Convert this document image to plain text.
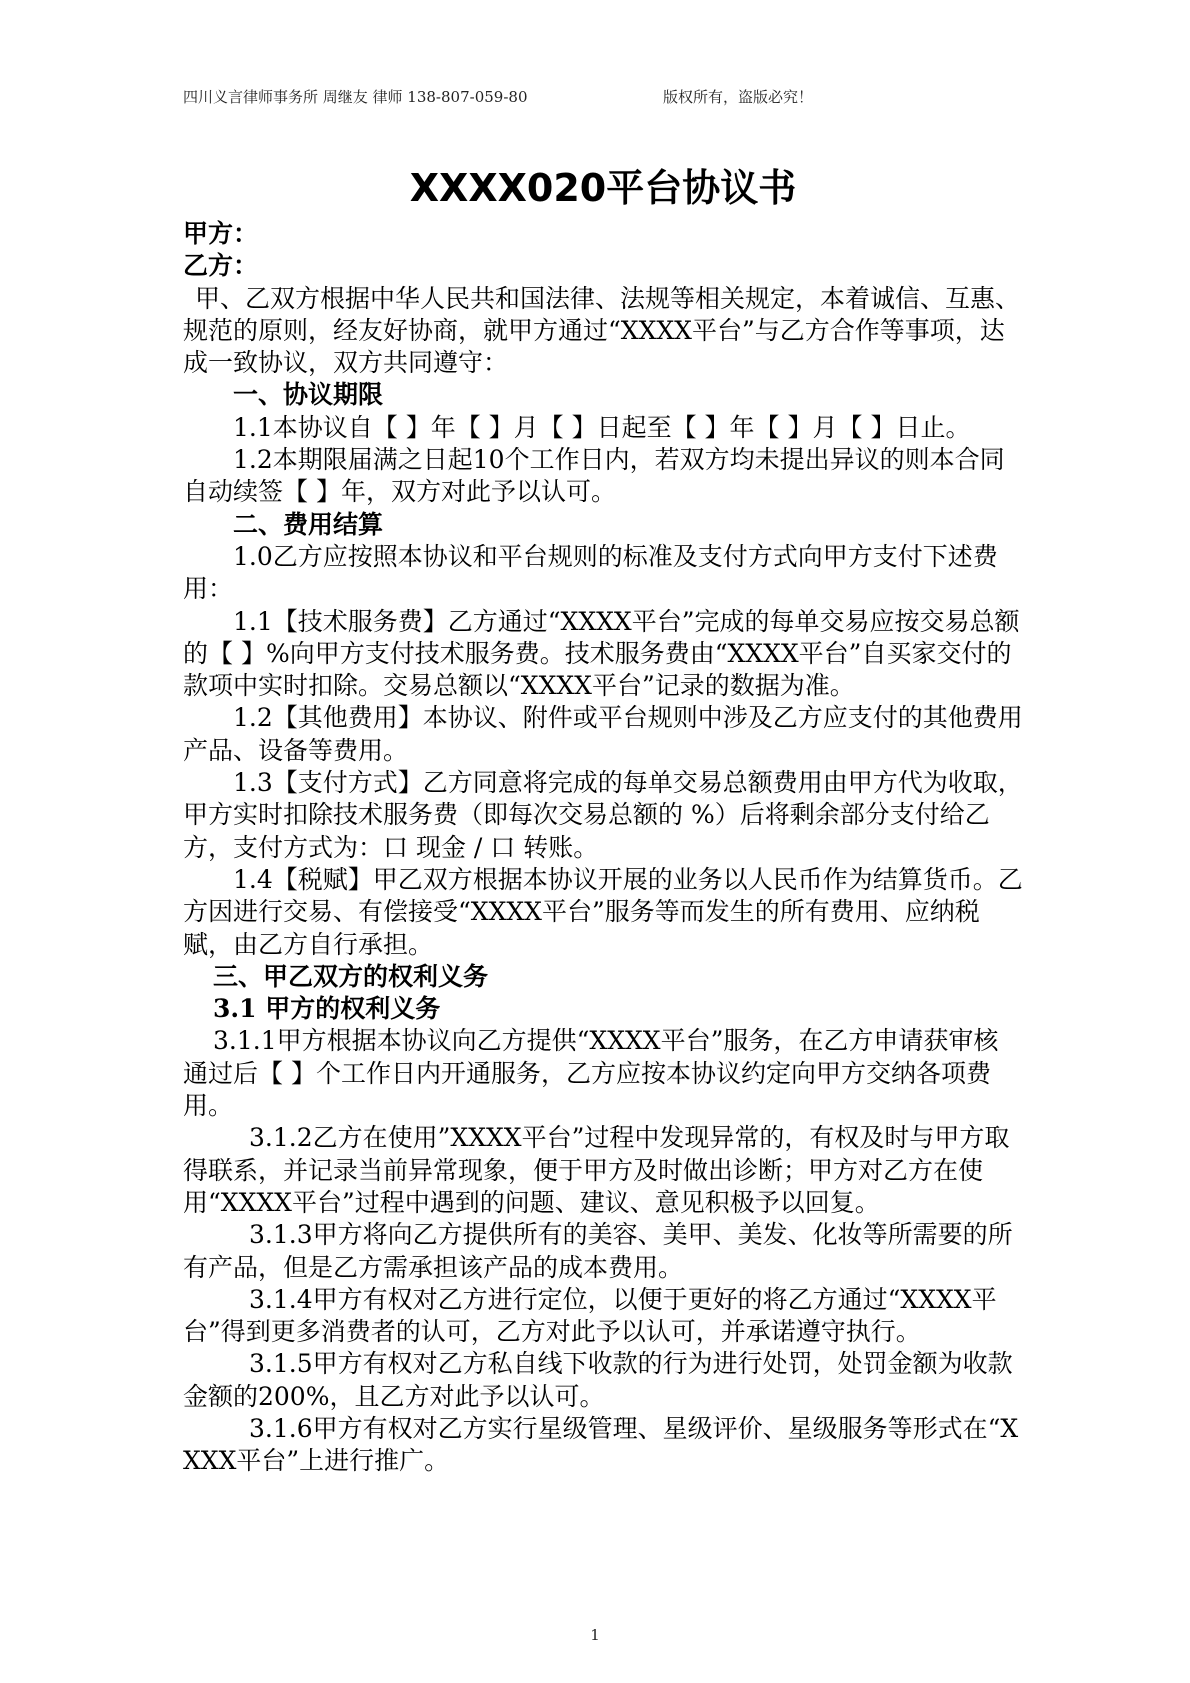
四川义言律师事务所 周继友 律师 138-807-059-80	版权所有，盗版必究！
XXXX020平台协议书

甲方：

乙方：

甲、乙双方根据中华人民共和国法律、法规等相关规定，本着诚信、互惠、规范的原则，经友好协商，就甲方通过“XXXX平台”与乙方合作等事项，达成一致协议，双方共同遵守：

一、协议期限

1.1本协议自【 】年【 】月【 】日起至【 】年【 】月【 】日止。

1.2本期限届满之日起10个工作日内，若双方均未提出异议的则本合同自动续签【 】年，双方对此予以认可。

二、费用结算

1.0乙方应按照本协议和平台规则的标准及支付方式向甲方支付下述费用：

1.1【技术服务费】乙方通过“XXXX平台”完成的每单交易应按交易总额的【 】%向甲方支付技术服务费。技术服务费由“XXXX平台”自买家交付的款项中实时扣除。交易总额以“XXXX平台”记录的数据为准。

1.2【其他费用】本协议、附件或平台规则中涉及乙方应支付的其他费用产品、设备等费用。

1.3【支付方式】乙方同意将完成的每单交易总额费用由甲方代为收取，甲方实时扣除技术服务费（即每次交易总额的 %）后将剩余部分支付给乙方，支付方式为：口 现金 / 口 转账。

1.4【税赋】甲乙双方根据本协议开展的业务以人民币作为结算货币。乙方因进行交易、有偿接受“XXXX平台”服务等而发生的所有费用、应纳税赋，由乙方自行承担。

三、甲乙双方的权利义务

3.1 甲方的权利义务

3.1.1甲方根据本协议向乙方提供“XXXX平台”服务，在乙方申请获审核通过后【 】个工作日内开通服务，乙方应按本协议约定向甲方交纳各项费用。

3.1.2乙方在使用”XXXX平台”过程中发现异常的，有权及时与甲方取得联系，并记录当前异常现象，便于甲方及时做出诊断；甲方对乙方在使用“XXXX平台”过程中遇到的问题、建议、意见积极予以回复。

3.1.3甲方将向乙方提供所有的美容、美甲、美发、化妆等所需要的所有产品，但是乙方需承担该产品的成本费用。

3.1.4甲方有权对乙方进行定位，以便于更好的将乙方通过“XXXX平台”得到更多消费者的认可，乙方对此予以认可，并承诺遵守执行。

3.1.5甲方有权对乙方私自线下收款的行为进行处罚，处罚金额为收款金额的200%，且乙方对此予以认可。

3.1.6甲方有权对乙方实行星级管理、星级评价、星级服务等形式在“XXXX平台”上进行推广。

1
